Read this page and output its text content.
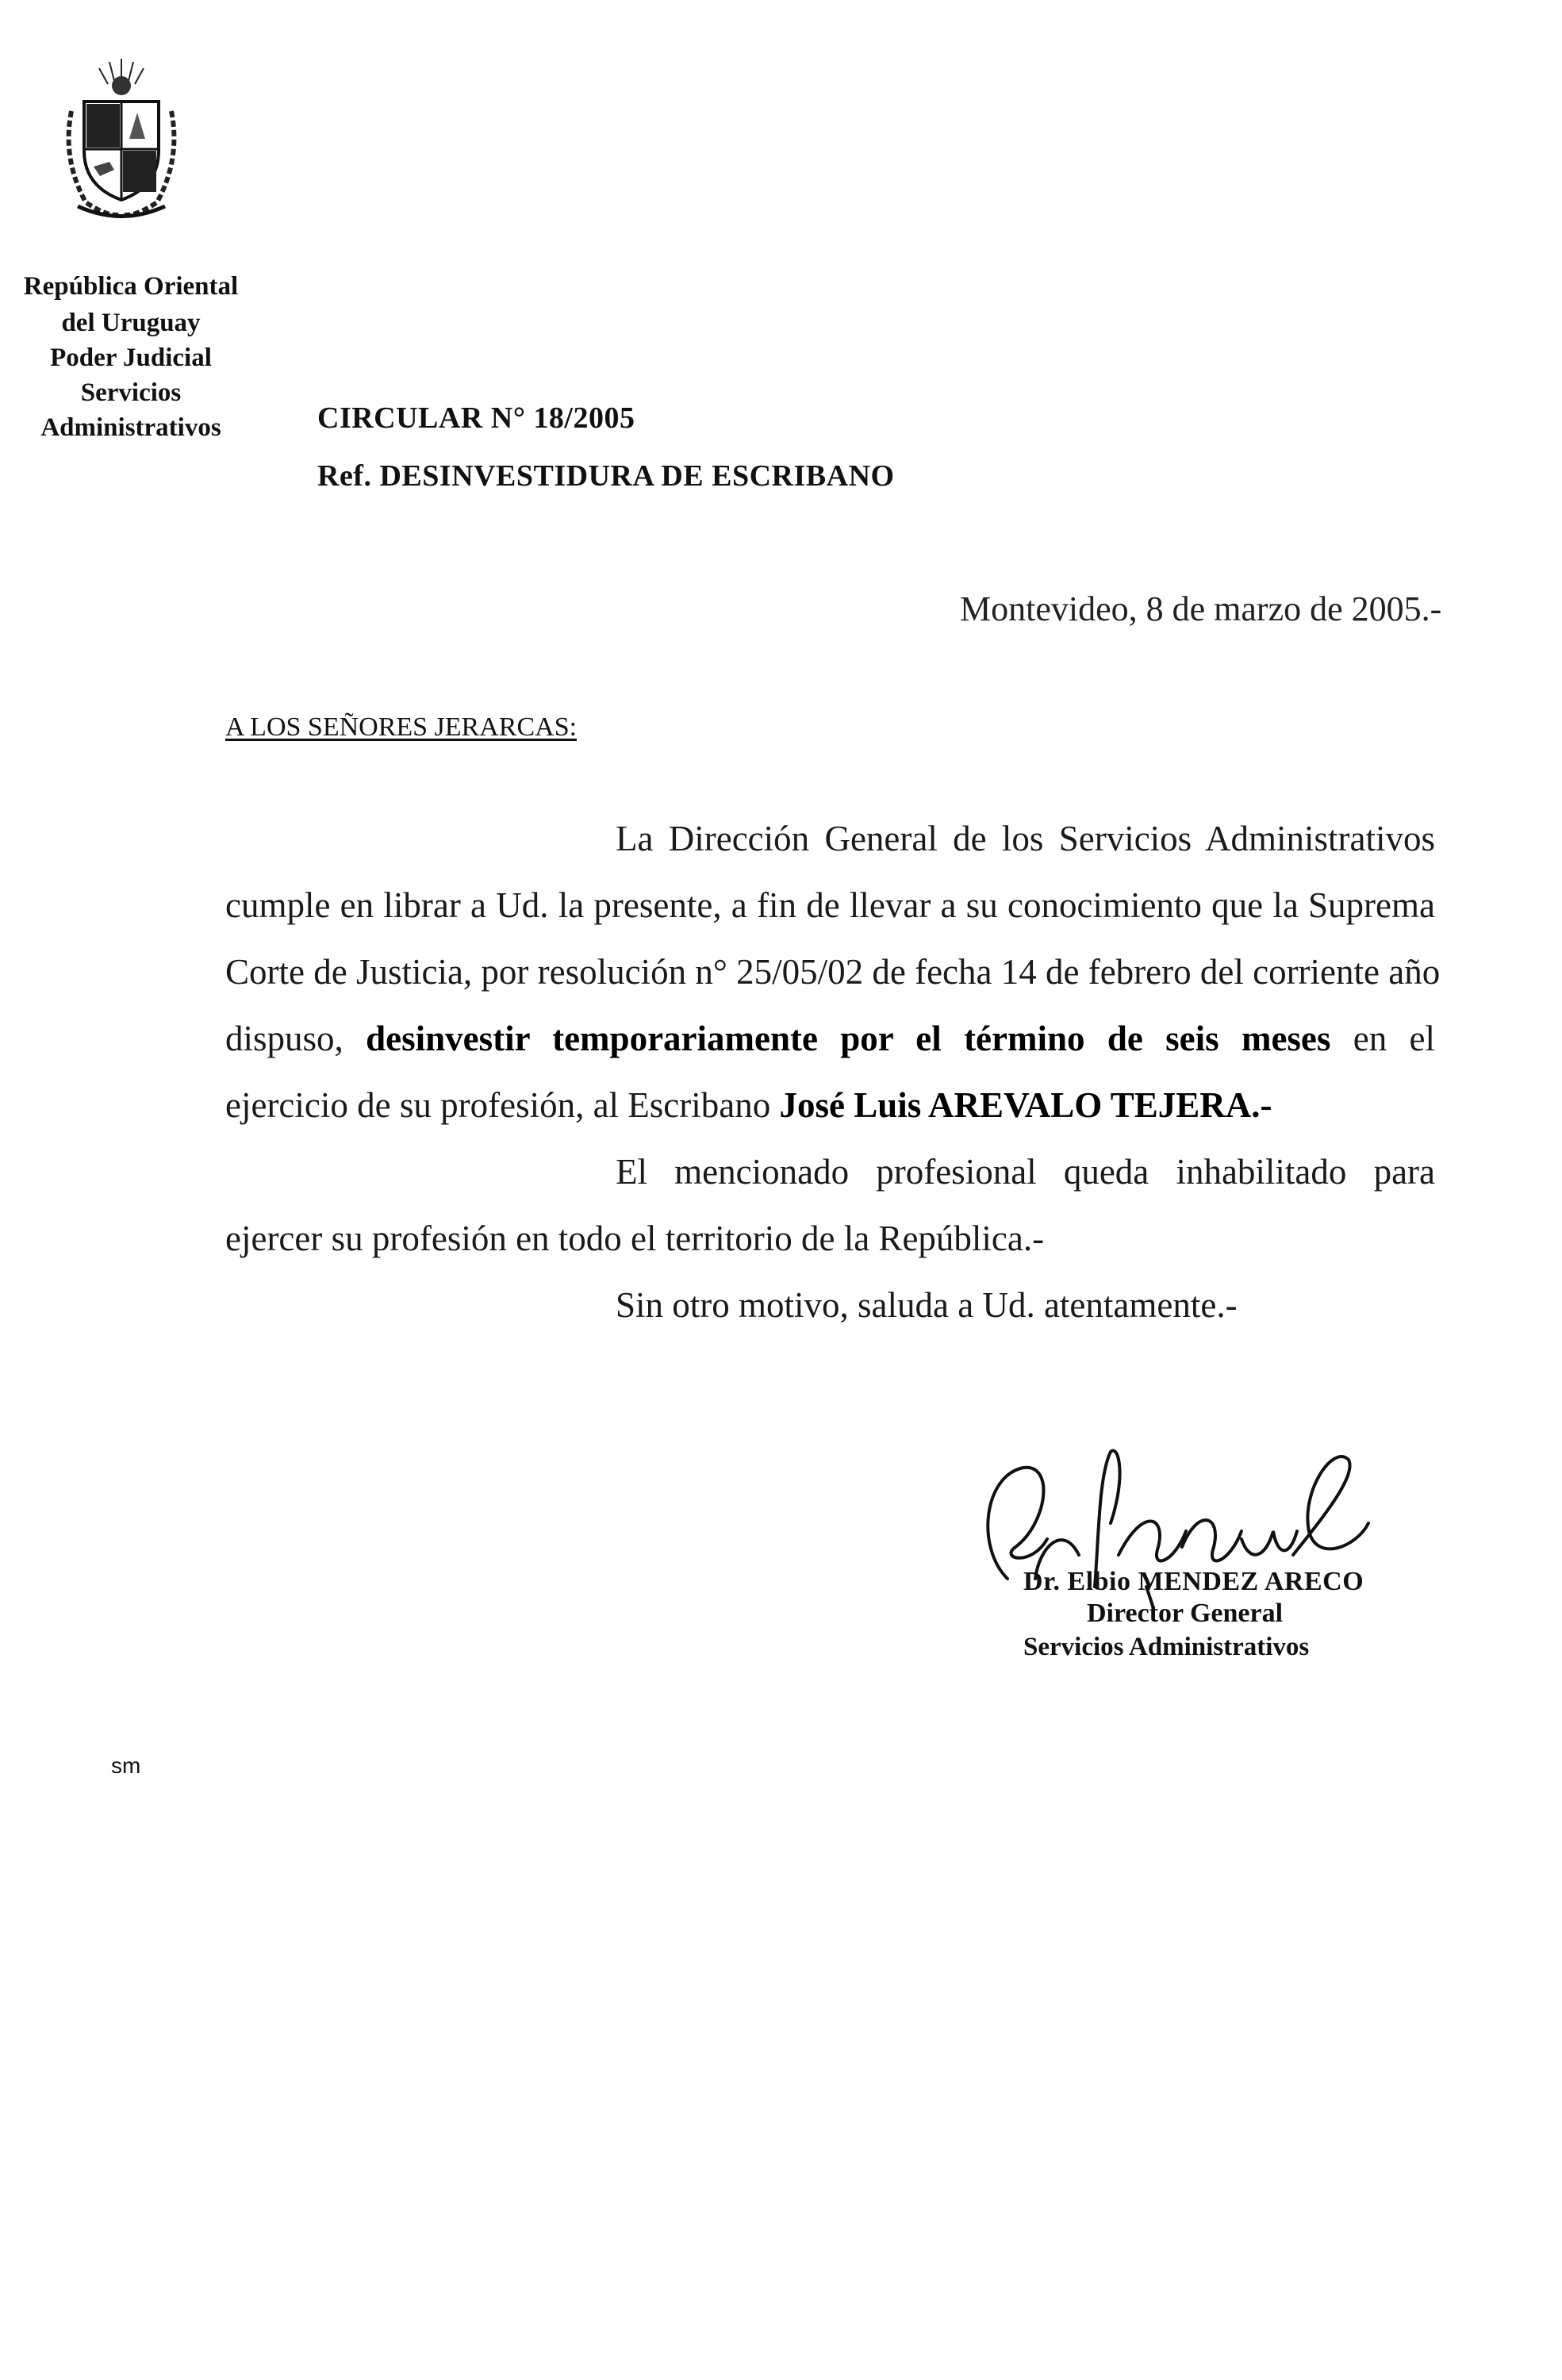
República Oriental
del Uruguay
Poder Judicial
Servicios
Administrativos	CIRCULAR N° 18/2005
Ref. DESINVESTIDURA DE ESCRIBANO
Montevideo, 8 de marzo de 2005.-
A LOS SEÑORES JERARCAS:
La Dirección General de los Servicios Administrativos
cumple en librar a Ud. la presente, a fin de llevar a su conocimiento que la Suprema
Corte de Justicia, por resolución n° 25/05/02 de fecha 14 de febrero del corriente año
dispuso, desinvestir temporariamente por el término de seis meses en el
ejercicio de su profesión, al Escribano José Luis AREVALO TEJERA.-
El mencionado profesional queda inhabilitado para
ejercer su profesión en todo el territorio de la República.-
Sin otro motivo, saluda a Ud. atentamente.-
Dr. Elbio MENDEZ ARECO
Director General
Servicios Administrativos
sm
